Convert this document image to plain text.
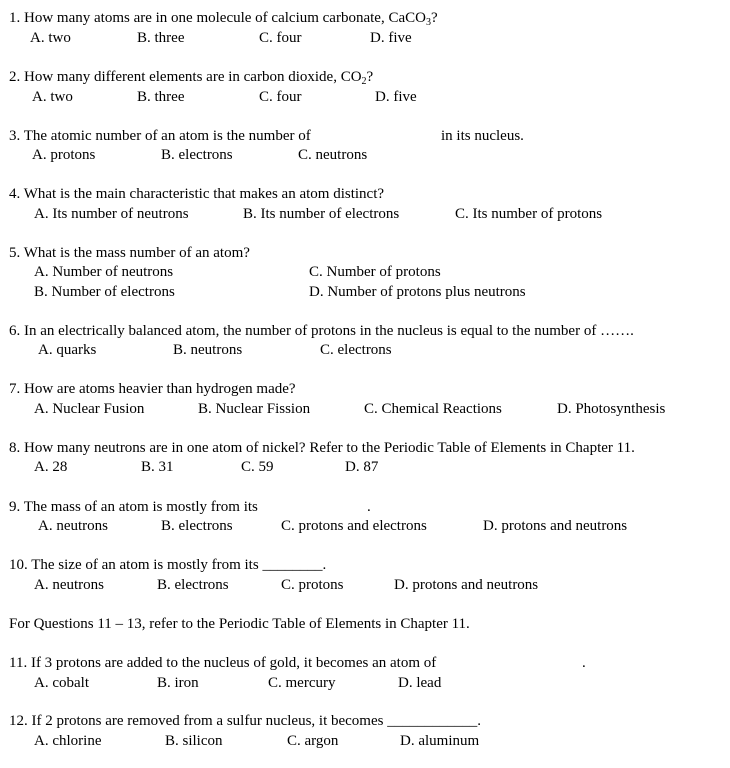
1. How many atoms are in one molecule of calcium carbonate, CaCO$_3$?
A. two	B. three	C. four	D. five
2. How many different elements are in carbon dioxide, $CO_2$?
A. two	B. three	C. four	D. five
3. The atomic number of an atom is the number of	in its nucleus.
A. protons	B. electrons	C. neutrons
4. What is the main characteristic that makes an atom distinct?
A. Its number of neutrons	B. Its number of electrons	C. Its number of protons
5. What is the mass number of an atom?
A. Number of neutrons
B. Number of electrons
C. Number of protons
D. Number of protons plus neutrons
6. In an electrically balanced atom, the number of protons in the nucleus is equal to the number of …….
A. quarks	B. neutrons	C. electrons
7. How are atoms heavier than hydrogen made?
A. Nuclear Fusion	B. Nuclear Fission	C. Chemical Reactions	D. Photosynthesis
8. How many neutrons are in one atom of nickel? Refer to the Periodic Table of Elements in Chapter 11.
A. 28	B. 31	C. 59	D. 87
9. The mass of an atom is mostly from its	.
A. neutrons	B. electrons	C. protons and electrons	D. protons and neutrons
10. The size of an atom is mostly from its ________.
A. neutrons	B. electrons	C. protons	D. protons and neutrons
For Questions 11 – 13, refer to the Periodic Table of Elements in Chapter 11.
11. If 3 protons are added to the nucleus of gold, it becomes an atom of	.
A. cobalt	B. iron	C. mercury	D. lead
12. If 2 protons are removed from a sulfur nucleus, it becomes ____________.
A. chlorine	B. silicon	C. argon	D. aluminum
